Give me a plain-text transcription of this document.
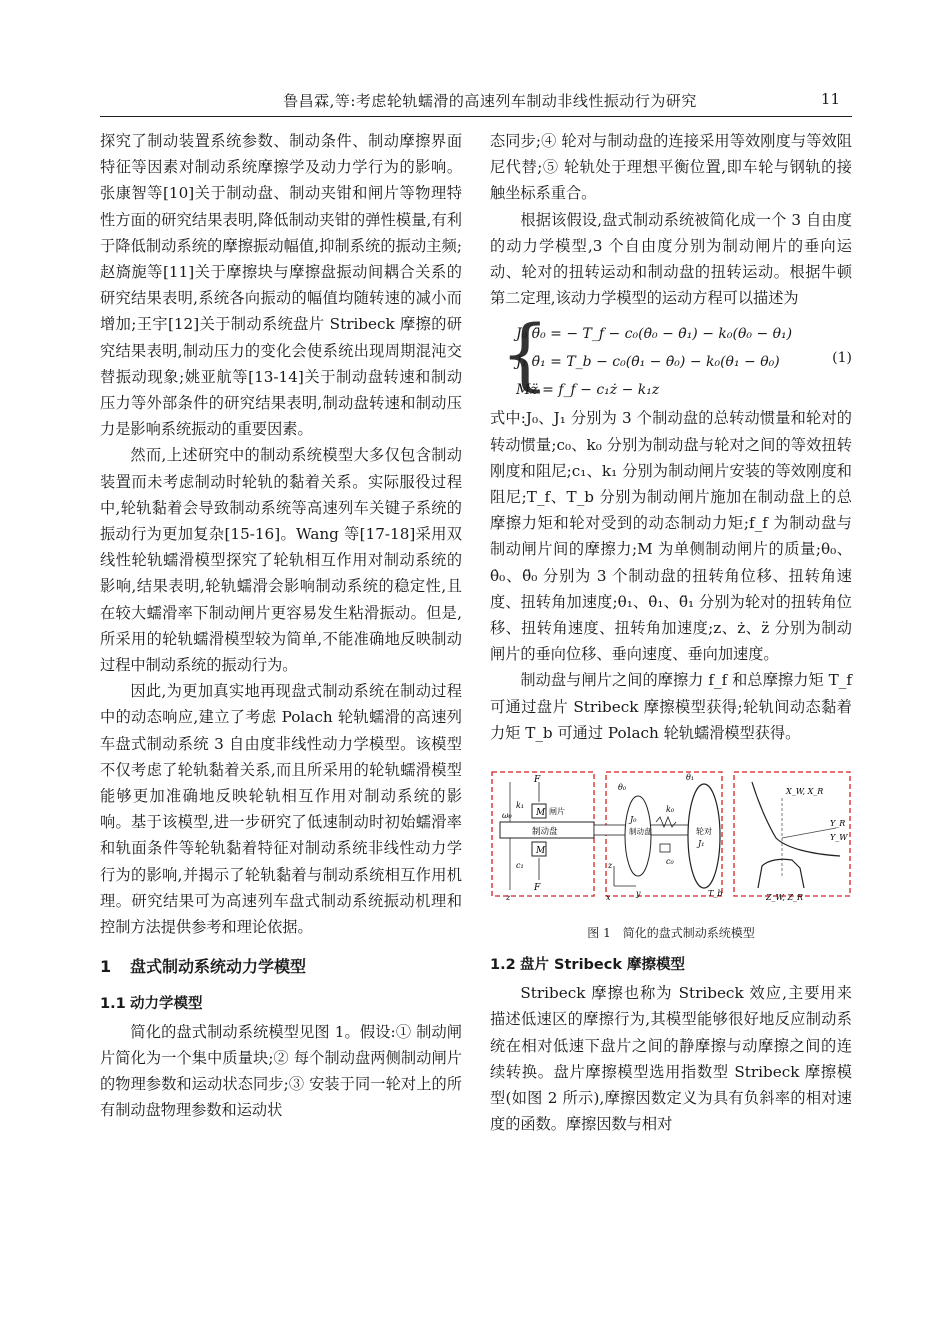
鲁昌霖,等:考虑轮轨蠕滑的高速列车制动非线性振动行为研究	11

探究了制动装置系统参数、制动条件、制动摩擦界面特征等因素对制动系统摩擦学及动力学行为的影响。张康智等[10]关于制动盘、制动夹钳和闸片等物理特性方面的研究结果表明,降低制动夹钳的弹性模量,有利于降低制动系统的摩擦振动幅值,抑制系统的振动主频;赵旖旎等[11]关于摩擦块与摩擦盘振动间耦合关系的研究结果表明,系统各向振动的幅值均随转速的减小而增加;王宇[12]关于制动系统盘片 Stribeck 摩擦的研究结果表明,制动压力的变化会使系统出现周期混沌交替振动现象;姚亚航等[13-14]关于制动盘转速和制动压力等外部条件的研究结果表明,制动盘转速和制动压力是影响系统振动的重要因素。

然而,上述研究中的制动系统模型大多仅包含制动装置而未考虑制动时轮轨的黏着关系。实际服役过程中,轮轨黏着会导致制动系统等高速列车关键子系统的振动行为更加复杂[15-16]。Wang 等[17-18]采用双线性轮轨蠕滑模型探究了轮轨相互作用对制动系统的影响,结果表明,轮轨蠕滑会影响制动系统的稳定性,且在较大蠕滑率下制动闸片更容易发生粘滑振动。但是,所采用的轮轨蠕滑模型较为简单,不能准确地反映制动过程中制动系统的振动行为。

因此,为更加真实地再现盘式制动系统在制动过程中的动态响应,建立了考虑 Polach 轮轨蠕滑的高速列车盘式制动系统 3 自由度非线性动力学模型。该模型不仅考虑了轮轨黏着关系,而且所采用的轮轨蠕滑模型能够更加准确地反映轮轨相互作用对制动系统的影响。基于该模型,进一步研究了低速制动时初始蠕滑率和轨面条件等轮轨黏着特征对制动系统非线性动力学行为的影响,并揭示了轮轨黏着与制动系统相互作用机理。研究结果可为高速列车盘式制动系统振动机理和控制方法提供参考和理论依据。

1 盘式制动系统动力学模型
1.1 动力学模型

简化的盘式制动系统模型见图 1。假设:① 制动闸片简化为一个集中质量块;② 每个制动盘两侧制动闸片的物理参数和运动状态同步;③ 安装于同一轮对上的所有制动盘物理参数和运动状

态同步;④ 轮对与制动盘的连接采用等效刚度与等效阻尼代替;⑤ 轮轨处于理想平衡位置,即车轮与钢轨的接触坐标系重合。

根据该假设,盘式制动系统被简化成一个 3 自由度的动力学模型,3 个自由度分别为制动闸片的垂向运动、轮对的扭转运动和制动盘的扭转运动。根据牛顿第二定理,该动力学模型的运动方程可以描述为

{
J₀ θ̈₀ = − T_f − c₀(θ̇₀ − θ̇₁) − k₀(θ₀ − θ₁)
J₁ θ̈₁ = T_b − c₀(θ̇₁ − θ̇₀) − k₀(θ₁ − θ₀)
Mz̈ = f_f − c₁ż − k₁z
(1)

式中:J₀、J₁ 分别为 3 个制动盘的总转动惯量和轮对的转动惯量;c₀、k₀ 分别为制动盘与轮对之间的等效扭转刚度和阻尼;c₁、k₁ 分别为制动闸片安装的等效刚度和阻尼;T_f、T_b 分别为制动闸片施加在制动盘上的总摩擦力矩和轮对受到的动态制动力矩;f_f 为制动盘与制动闸片间的摩擦力;M 为单侧制动闸片的质量;θ₀、θ̇₀、θ̈₀ 分别为 3 个制动盘的扭转角位移、扭转角速度、扭转角加速度;θ₁、θ̇₁、θ̈₁ 分别为轮对的扭转角位移、扭转角速度、扭转角加速度;z、ż、z̈ 分别为制动闸片的垂向位移、垂向速度、垂向加速度。

制动盘与闸片之间的摩擦力 f_f 和总摩擦力矩 T_f 可通过盘片 Stribeck 摩擦模型获得;轮轨间动态黏着力矩 T_b 可通过 Polach 轮轨蠕滑模型获得。

M 闸片
制动盘
M
F
F
k₁
c₁
ω₀
z
J₀
制动盘
θ₀
k₀
c₀
轮对
J₁
θ₁
T_b
z
y
x
X_W, X_R
Y_R
Y_W
Z_W, Z_R
图 1　简化的盘式制动系统模型
1.2 盘片 Stribeck 摩擦模型

Stribeck 摩擦也称为 Stribeck 效应,主要用来描述低速区的摩擦行为,其模型能够很好地反应制动系统在相对低速下盘片之间的静摩擦与动摩擦之间的连续转换。盘片摩擦模型选用指数型 Stribeck 摩擦模型(如图 2 所示),摩擦因数定义为具有负斜率的相对速度的函数。摩擦因数与相对
